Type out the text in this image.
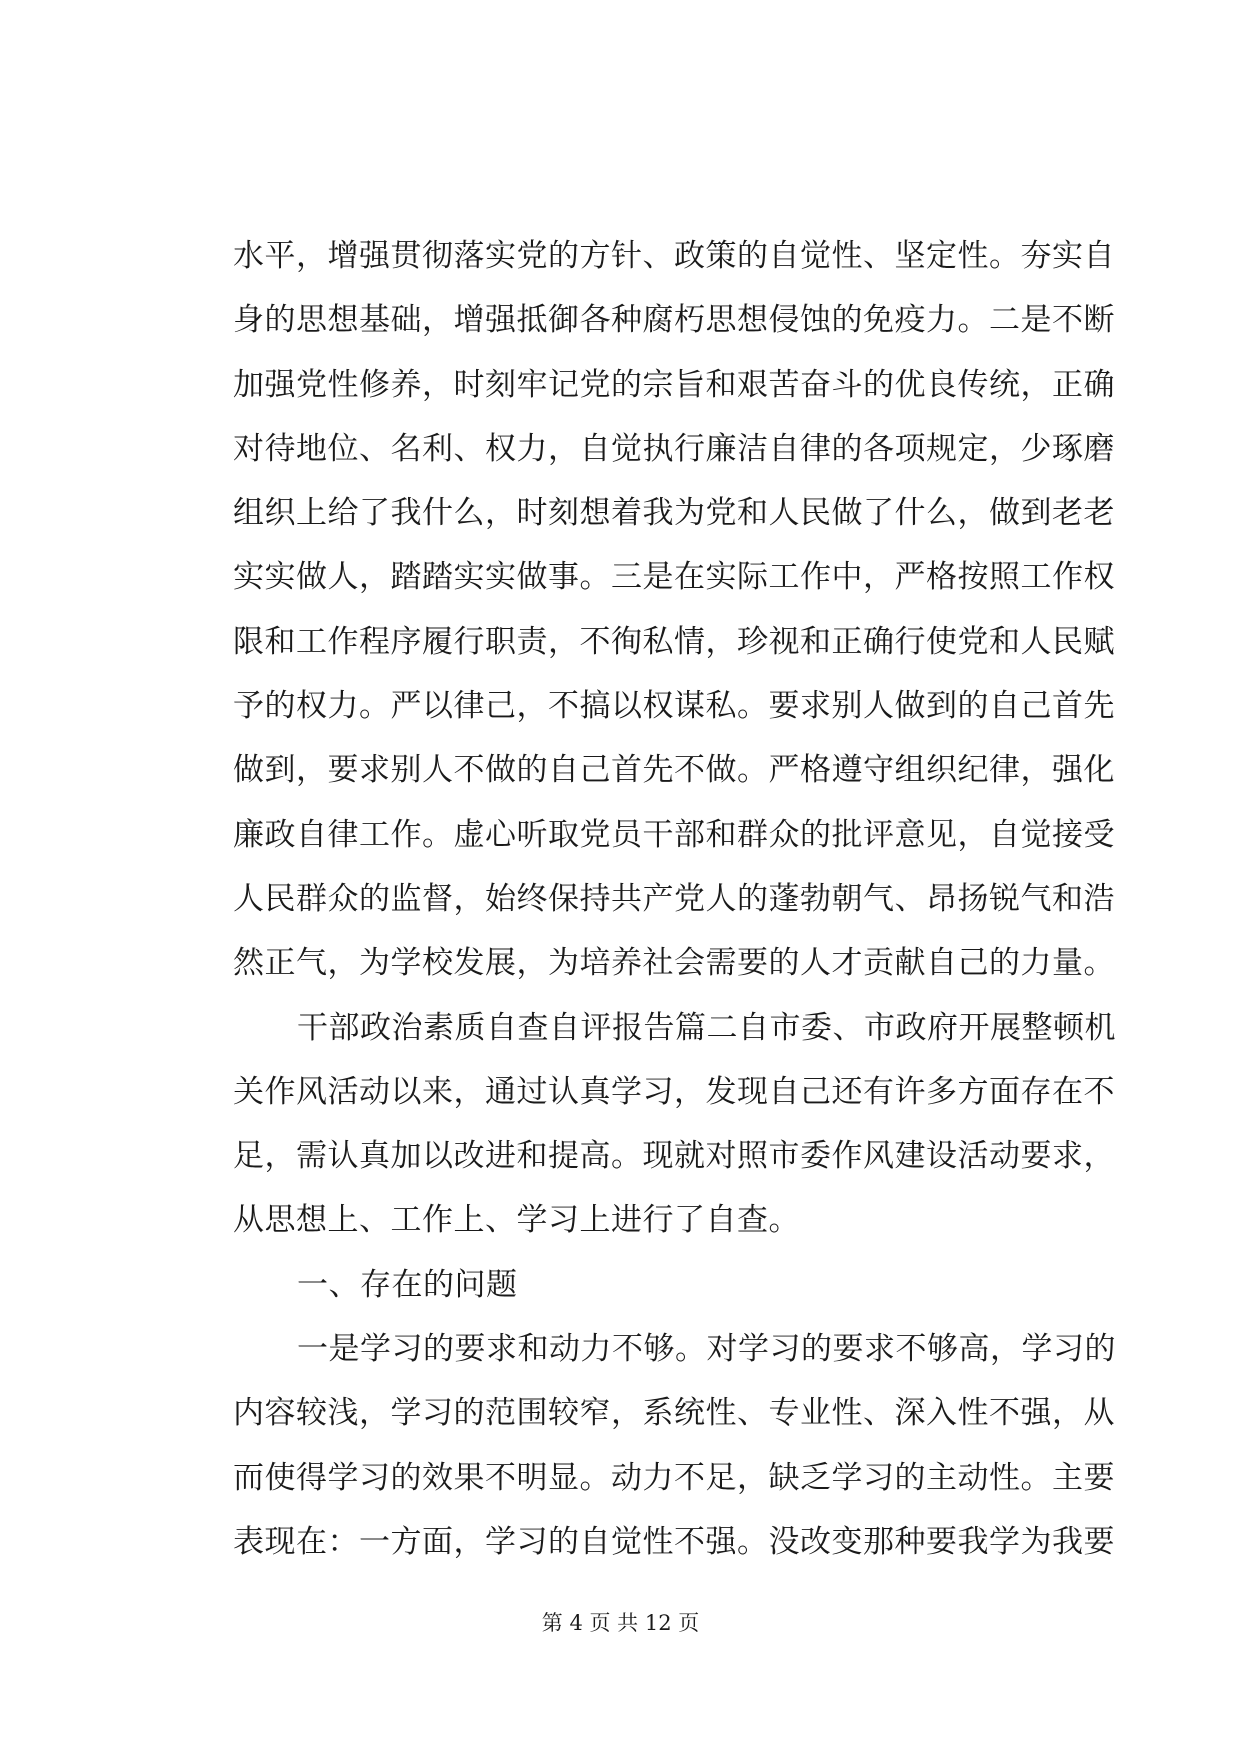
水平，增强贯彻落实党的方针、政策的自觉性、坚定性。夯实自
身的思想基础，增强抵御各种腐朽思想侵蚀的免疫力。二是不断
加强党性修养，时刻牢记党的宗旨和艰苦奋斗的优良传统，正确
对待地位、名利、权力，自觉执行廉洁自律的各项规定，少琢磨
组织上给了我什么，时刻想着我为党和人民做了什么，做到老老
实实做人，踏踏实实做事。三是在实际工作中，严格按照工作权
限和工作程序履行职责，不徇私情，珍视和正确行使党和人民赋
予的权力。严以律己，不搞以权谋私。要求别人做到的自己首先
做到，要求别人不做的自己首先不做。严格遵守组织纪律，强化
廉政自律工作。虚心听取党员干部和群众的批评意见，自觉接受
人民群众的监督，始终保持共产党人的蓬勃朝气、昂扬锐气和浩
然正气，为学校发展，为培养社会需要的人才贡献自己的力量。
干部政治素质自查自评报告篇二自市委、市政府开展整顿机
关作风活动以来，通过认真学习，发现自己还有许多方面存在不
足，需认真加以改进和提高。现就对照市委作风建设活动要求，
从思想上、工作上、学习上进行了自查。
一、存在的问题
一是学习的要求和动力不够。对学习的要求不够高，学习的
内容较浅，学习的范围较窄，系统性、专业性、深入性不强，从
而使得学习的效果不明显。动力不足，缺乏学习的主动性。主要
表现在：一方面，学习的自觉性不强。没改变那种要我学为我要
第 4 页 共 12 页
